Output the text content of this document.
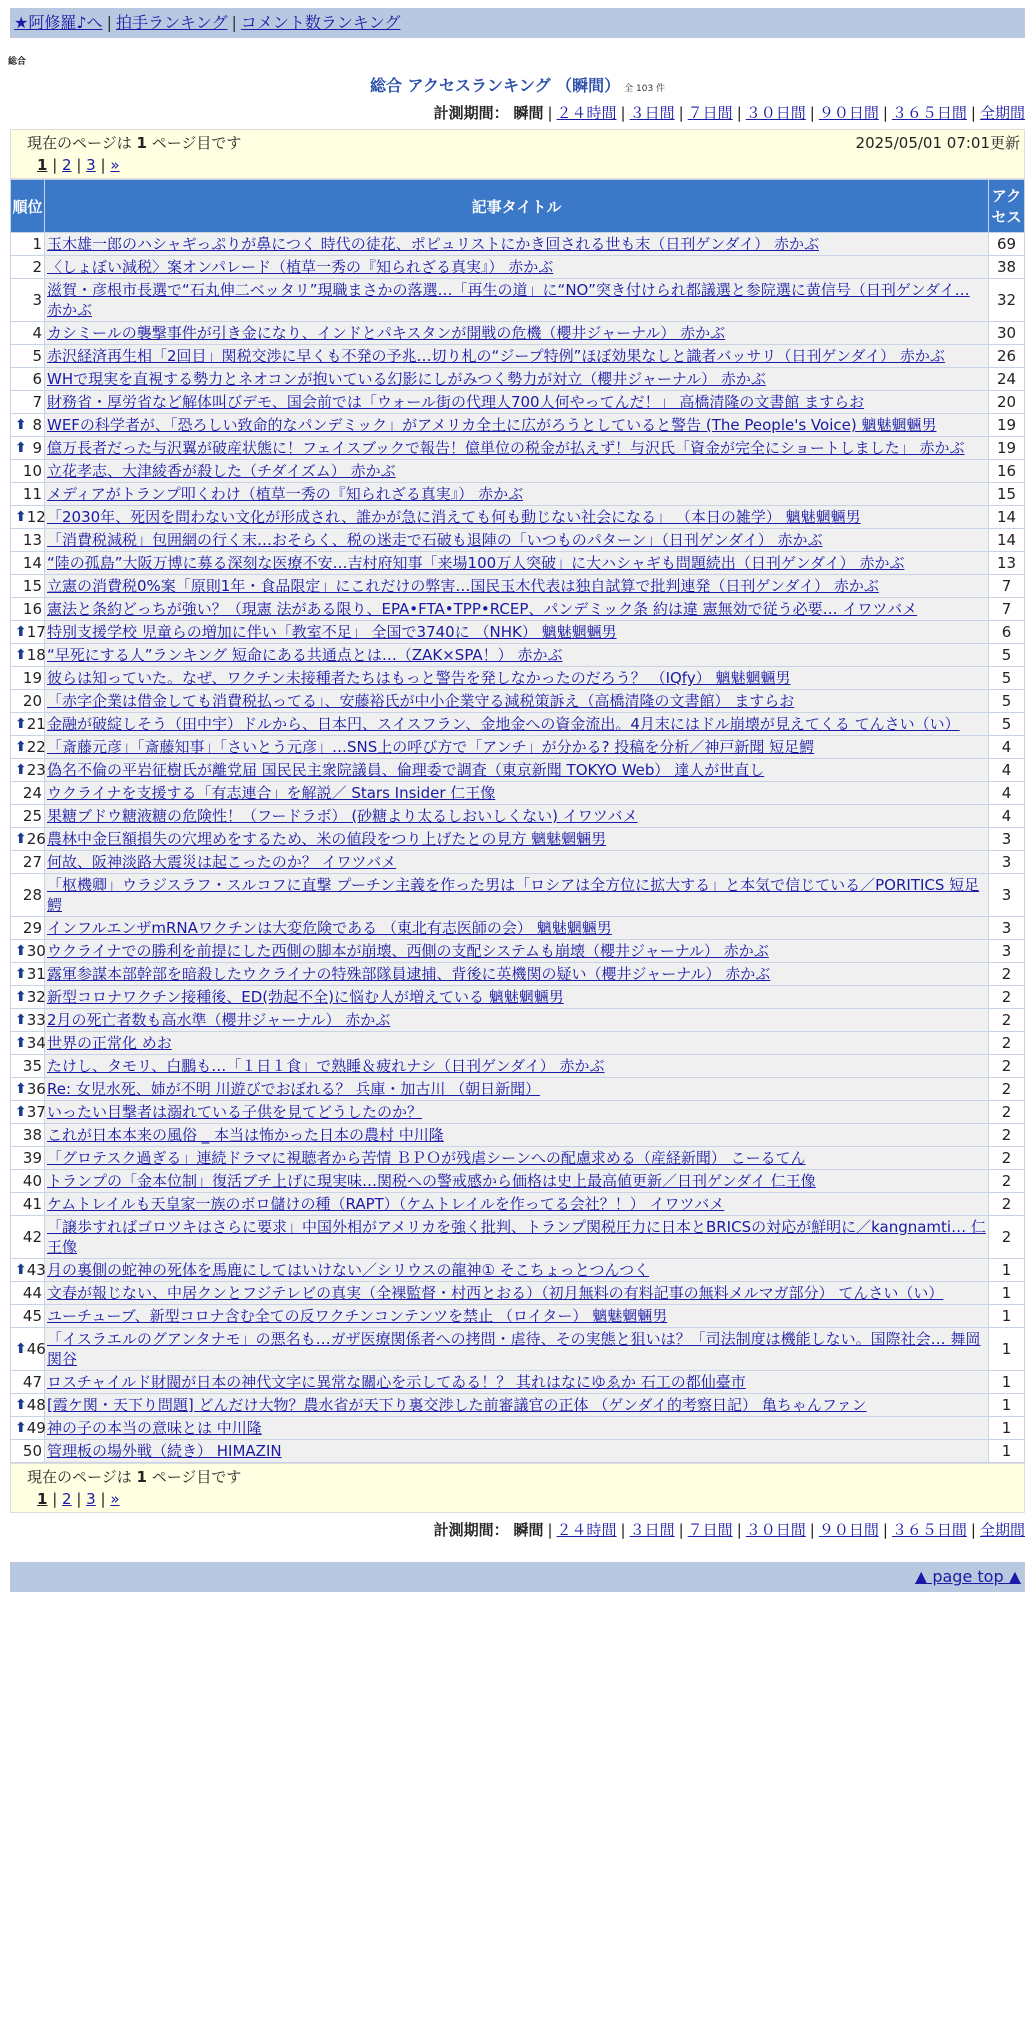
★阿修羅♪へ | 拍手ランキング | コメント数ランキング
総合
総合 アクセスランキング （瞬間） 全 103 件
計測期間： 瞬間 | ２４時間 | ３日間 | ７日間 | ３０日間 | ９０日間 | ３６５日間 | 全期間
現在のページは 1 ページ目です	2025/05/01 07:01更新
1 | 2 | 3 | »
順位	記事タイトル	アクセス
1	玉木雄一郎のハシャギっぷりが鼻につく 時代の徒花、ポピュリストにかき回される世も末（日刊ゲンダイ） 赤かぶ	69
2	〈しょぼい減税〉案オンパレード（植草一秀の『知られざる真実』） 赤かぶ	38
3	滋賀・彦根市長選で“石丸伸二ベッタリ”現職まさかの落選…「再生の道」に“NO”突き付けられ都議選と参院選に黄信号（日刊ゲンダイ… 赤かぶ	32
4	カシミールの襲撃事件が引き金になり、インドとパキスタンが開戦の危機（櫻井ジャーナル） 赤かぶ	30
5	赤沢経済再生相「2回目」関税交渉に早くも不発の予兆…切り札の“ジープ特例”ほぼ効果なしと識者バッサリ（日刊ゲンダイ） 赤かぶ	26
6	WHで現実を直視する勢力とネオコンが抱いている幻影にしがみつく勢力が対立（櫻井ジャーナル） 赤かぶ	24
7	財務省・厚労省など解体叫びデモ、国会前では「ウォール街の代理人700人何やってんだ！」 高橋清隆の文書館 ますらお	20

⬆ 8	WEFの科学者が、「恐ろしい致命的なパンデミック」がアメリカ全土に広がろうとしていると警告 (The People's Voice) 魑魅魍魎男	19

⬆ 9	億万長者だった与沢翼が破産状態に！フェイスブックで報告！億単位の税金が払えず！与沢氏「資金が完全にショートしました」 赤かぶ	19
10	立花孝志、大津綾香が殺した（チダイズム） 赤かぶ	16
11	メディアがトランプ叩くわけ（植草一秀の『知られざる真実』） 赤かぶ	15

⬆ 12	「2030年、死因を問わない文化が形成され、誰かが急に消えても何も動じない社会になる」 （本日の雑学） 魑魅魍魎男	14
13	「消費税減税」包囲網の行く末…おそらく、税の迷走で石破も退陣の「いつものパターン」（日刊ゲンダイ） 赤かぶ	14
14	“陸の孤島”大阪万博に募る深刻な医療不安…吉村府知事「来場100万人突破」に大ハシャギも問題続出（日刊ゲンダイ） 赤かぶ	13
15	立憲の消費税0%案「原則1年・食品限定」にこれだけの弊害…国民玉木代表は独自試算で批判連発（日刊ゲンダイ） 赤かぶ	7
16	憲法と条約どっちが強い？（現憲 法がある限り、EPA•FTA•TPP•RCEP、パンデミック条 約は違 憲無効で従う必要… イワツバメ	7

⬆ 17	特別支援学校 児童らの増加に伴い「教室不足」 全国で3740に （NHK） 魑魅魍魎男	6

⬆ 18	“早死にする人”ランキング 短命にある共通点とは…（ZAK×SPA！） 赤かぶ	5
19	彼らは知っていた。なぜ、ワクチン未接種者たちはもっと警告を発しなかったのだろう？ （IQfy） 魑魅魍魎男	5
20	「赤字企業は借金しても消費税払ってる」、安藤裕氏が中小企業守る減税策訴え（高橋清隆の文書館） ますらお	5

⬆ 21	金融が破綻しそう（田中宇）ドルから、日本円、スイスフラン、金地金への資金流出。4月末にはドル崩壊が見えてくる てんさい（い）	5

⬆ 22	「斎藤元彦」「斎藤知事」「さいとう元彦」…SNS上の呼び方で「アンチ」が分かる? 投稿を分析／神戸新聞 短足鰐	4

⬆ 23	偽名不倫の平岩征樹氏が離党届 国民民主衆院議員、倫理委で調査（東京新聞 TOKYO Web） 達人が世直し	4
24	ウクライナを支援する「有志連合」を解説／ Stars Insider 仁王像	4
25	果糖ブドウ糖液糖の危険性！（フードラボ） (砂糖より太るしおいしくない) イワツバメ	4

⬆ 26	農林中金巨額損失の穴埋めをするため、米の値段をつり上げたとの見方 魑魅魍魎男	3
27	何故、阪神淡路大震災は起こったのか？ イワツバメ	3
28	「枢機卿」ウラジスラフ・スルコフに直撃 プーチン主義を作った男は「ロシアは全方位に拡大する」と本気で信じている／PORITICS 短足鰐	3
29	インフルエンザmRNAワクチンは大変危険である （東北有志医師の会） 魑魅魍魎男	3

⬆ 30	ウクライナでの勝利を前提にした西側の脚本が崩壊、西側の支配システムも崩壊（櫻井ジャーナル） 赤かぶ	3

⬆ 31	露軍参謀本部幹部を暗殺したウクライナの特殊部隊員逮捕、背後に英機関の疑い（櫻井ジャーナル） 赤かぶ	2

⬆ 32	新型コロナワクチン接種後、ED(勃起不全)に悩む人が増えている 魑魅魍魎男	2

⬆ 33	2月の死亡者数も高水準（櫻井ジャーナル） 赤かぶ	2

⬆ 34	世界の正常化 めお	2
35	たけし、タモリ、白鵬も…「１日１食」で熟睡＆疲れナシ（日刊ゲンダイ） 赤かぶ	2

⬆ 36	Re: 女児水死、姉が不明 川遊びでおぼれる？ 兵庫・加古川 （朝日新聞）	2

⬆ 37	いったい目撃者は溺れている子供を見てどうしたのか？	2
38	これが日本本来の風俗 _ 本当は怖かった日本の農村 中川隆	2
39	「グロテスク過ぎる」連続ドラマに視聴者から苦情 ＢＰＯが残虐シーンへの配慮求める（産経新聞） こーるてん	2
40	トランプの「金本位制」復活ブチ上げに現実味…関税への警戒感から価格は史上最高値更新／日刊ゲンダイ 仁王像	2
41	ケムトレイルも天皇家一族のボロ儲けの種（RAPT）（ケムトレイルを作ってる会社？！） イワツバメ	2
42	「譲歩すればゴロツキはさらに要求」中国外相がアメリカを強く批判、トランプ関税圧力に日本とBRICSの対応が鮮明に／kangnamti… 仁王像	2

⬆ 43	月の裏側の蛇神の死体を馬鹿にしてはいけない／シリウスの龍神① そこちょっとつんつく	1
44	文春が報じない、中居クンとフジテレビの真実（全裸監督・村西とおる）（初月無料の有料記事の無料メルマガ部分） てんさい（い）	1
45	ユーチューブ、新型コロナ含む全ての反ワクチンコンテンツを禁止 （ロイター） 魑魅魍魎男	1

⬆ 46	「イスラエルのグアンタナモ」の悪名も…ガザ医療関係者への拷問・虐待、その実態と狙いは？「司法制度は機能しない。国際社会… 舞岡関谷	1
47	ロスチャイルド財閥が日本の神代文字に異常な關心を示してゐる！？ 其れはなにゆゑか 石工の都仙臺市	1

⬆ 48	[霞ケ関・天下り問題] どんだけ大物？農水省が天下り裏交渉した前審議官の正体 （ゲンダイ的考察日記） 亀ちゃんファン	1

⬆ 49	神の子の本当の意味とは 中川隆	1
50	管理板の場外戦（続き） HIMAZIN	1
現在のページは 1 ページ目です
1 | 2 | 3 | »
計測期間： 瞬間 | ２４時間 | ３日間 | ７日間 | ３０日間 | ９０日間 | ３６５日間 | 全期間
▲ page top ▲
